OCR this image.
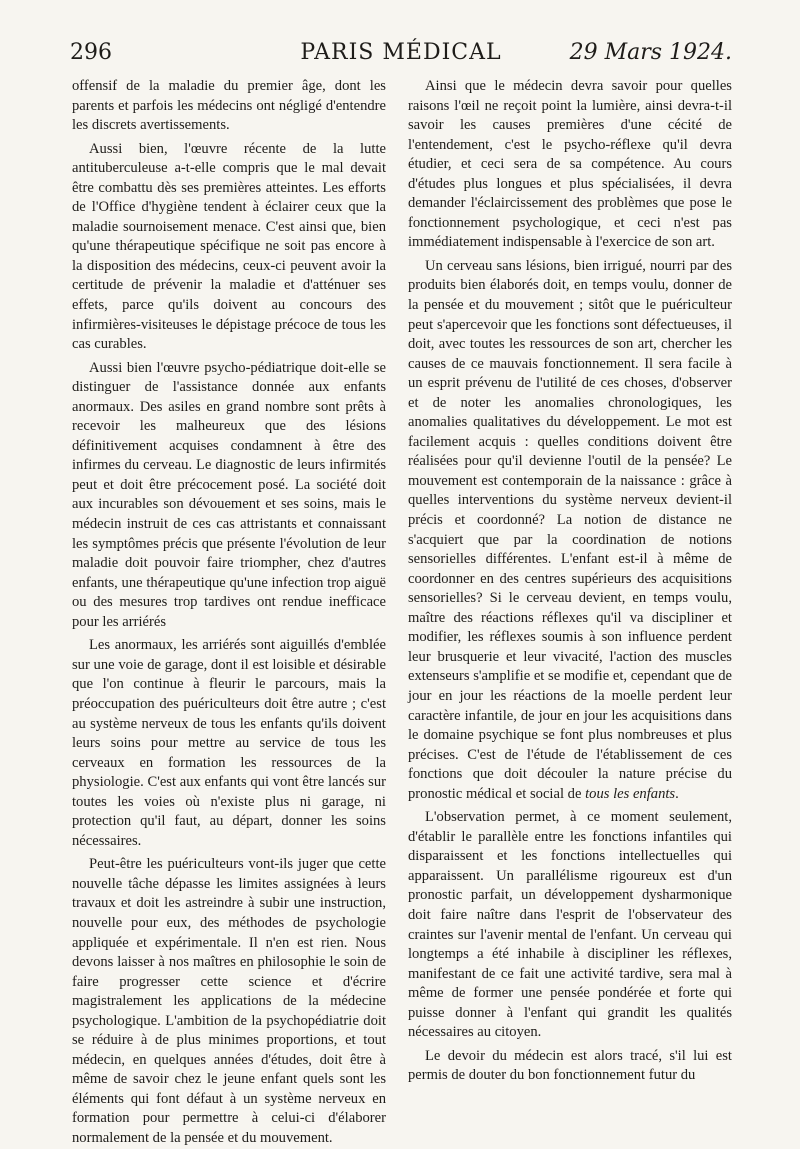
296	PARIS MÉDICAL	29 Mars 1924.

offensif de la maladie du premier âge, dont les parents et parfois les médecins ont négligé d'entendre les discrets avertissements.

Aussi bien, l'œuvre récente de la lutte antituberculeuse a-t-elle compris que le mal devait être combattu dès ses premières atteintes. Les efforts de l'Office d'hygiène tendent à éclairer ceux que la maladie sournoisement menace. C'est ainsi que, bien qu'une thérapeutique spécifique ne soit pas encore à la disposition des médecins, ceux-ci peuvent avoir la certitude de prévenir la maladie et d'atténuer ses effets, parce qu'ils doivent au concours des infirmières-visiteuses le dépistage précoce de tous les cas curables.

Aussi bien l'œuvre psycho-pédiatrique doit-elle se distinguer de l'assistance donnée aux enfants anormaux. Des asiles en grand nombre sont prêts à recevoir les malheureux que des lésions définitivement acquises condamnent à être des infirmes du cerveau. Le diagnostic de leurs infirmités peut et doit être précocement posé. La société doit aux incurables son dévouement et ses soins, mais le médecin instruit de ces cas attristants et connaissant les symptômes précis que présente l'évolution de leur maladie doit pouvoir faire triompher, chez d'autres enfants, une thérapeutique qu'une infection trop aiguë ou des mesures trop tardives ont rendue inefficace pour les arriérés

Les anormaux, les arriérés sont aiguillés d'emblée sur une voie de garage, dont il est loisible et désirable que l'on continue à fleurir le parcours, mais la préoccupation des puériculteurs doit être autre ; c'est au système nerveux de tous les enfants qu'ils doivent leurs soins pour mettre au service de tous les cerveaux en formation les ressources de la physiologie. C'est aux enfants qui vont être lancés sur toutes les voies où n'existe plus ni garage, ni protection qu'il faut, au départ, donner les soins nécessaires.

Peut-être les puériculteurs vont-ils juger que cette nouvelle tâche dépasse les limites assignées à leurs travaux et doit les astreindre à subir une instruction, nouvelle pour eux, des méthodes de psychologie appliquée et expérimentale. Il n'en est rien. Nous devons laisser à nos maîtres en philosophie le soin de faire progresser cette science et d'écrire magistralement les applications de la médecine psychologique. L'ambition de la psychopédiatrie doit se réduire à de plus minimes proportions, et tout médecin, en quelques années d'études, doit être à même de savoir chez le jeune enfant quels sont les éléments qui font défaut à un système nerveux en formation pour permettre à celui-ci d'élaborer normalement de la pensée et du mouvement.

Ainsi que le médecin devra savoir pour quelles raisons l'œil ne reçoit point la lumière, ainsi devra-t-il savoir les causes premières d'une cécité de l'entendement, c'est le psycho-réflexe qu'il devra étudier, et ceci sera de sa compétence. Au cours d'études plus longues et plus spécialisées, il devra demander l'éclaircissement des problèmes que pose le fonctionnement psychologique, et ceci n'est pas immédiatement indispensable à l'exercice de son art.

Un cerveau sans lésions, bien irrigué, nourri par des produits bien élaborés doit, en temps voulu, donner de la pensée et du mouvement ; sitôt que le puériculteur peut s'apercevoir que les fonctions sont défectueuses, il doit, avec toutes les ressources de son art, chercher les causes de ce mauvais fonctionnement. Il sera facile à un esprit prévenu de l'utilité de ces choses, d'observer et de noter les anomalies chronologiques, les anomalies qualitatives du développement. Le mot est facilement acquis : quelles conditions doivent être réalisées pour qu'il devienne l'outil de la pensée? Le mouvement est contemporain de la naissance : grâce à quelles interventions du système nerveux devient-il précis et coordonné? La notion de distance ne s'acquiert que par la coordination de notions sensorielles différentes. L'enfant est-il à même de coordonner en des centres supérieurs des acquisitions sensorielles? Si le cerveau devient, en temps voulu, maître des réactions réflexes qu'il va discipliner et modifier, les réflexes soumis à son influence perdent leur brusquerie et leur vivacité, l'action des muscles extenseurs s'amplifie et se modifie et, cependant que de jour en jour les réactions de la moelle perdent leur caractère infantile, de jour en jour les acquisitions dans le domaine psychique se font plus nombreuses et plus précises. C'est de l'étude de l'établissement de ces fonctions que doit découler la nature précise du pronostic médical et social de tous les enfants.

L'observation permet, à ce moment seulement, d'établir le parallèle entre les fonctions infantiles qui disparaissent et les fonctions intellectuelles qui apparaissent. Un parallélisme rigoureux est d'un pronostic parfait, un développement dysharmonique doit faire naître dans l'esprit de l'observateur des craintes sur l'avenir mental de l'enfant. Un cerveau qui longtemps a été inhabile à discipliner les réflexes, manifestant de ce fait une activité tardive, sera mal à même de former une pensée pondérée et forte qui puisse donner à l'enfant qui grandit les qualités nécessaires au citoyen.

Le devoir du médecin est alors tracé, s'il lui est permis de douter du bon fonctionnement futur du
